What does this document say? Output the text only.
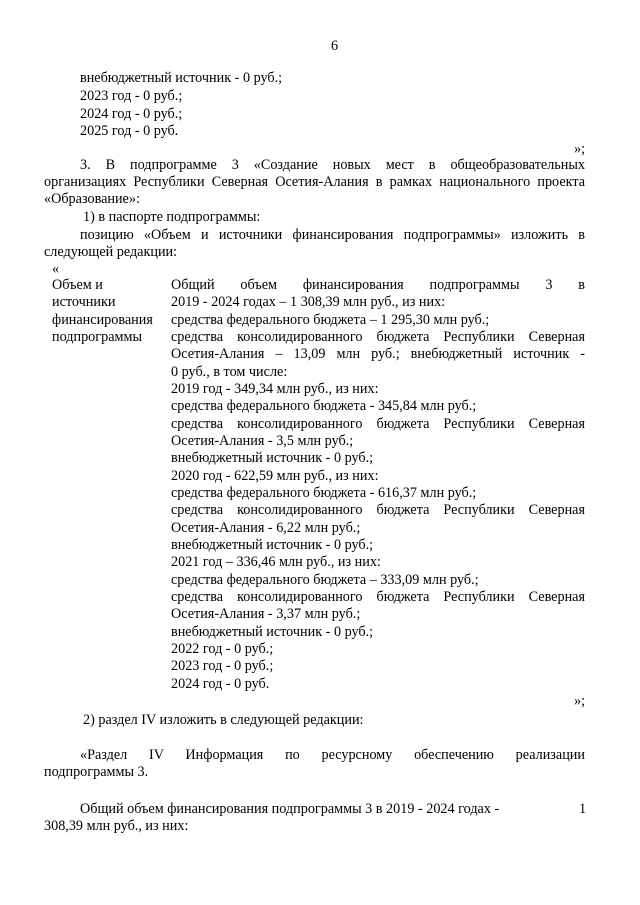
6
внебюджетный источник - 0 руб.;
2023 год - 0 руб.;
2024 год - 0 руб.;
2025 год - 0 руб.
»;
3. В подпрограмме 3 «Создание новых мест в общеобразовательных
организациях Республики Северная Осетия-Алания в рамках национального проекта
«Образование»:
1) в паспорте подпрограммы:
позицию «Объем и источники финансирования подпрограммы» изложить в
следующей редакции:
«
Объем и
источники
финансирования
подпрограммы
Общий объем финансирования подпрограммы 3 в
2019 - 2024 годах – 1 308,39 млн руб., из них:
средства федерального бюджета – 1 295,30 млн руб.;
средства консолидированного бюджета Республики Северная
Осетия-Алания – 13,09 млн руб.; внебюджетный источник -
0 руб., в том числе:
2019 год - 349,34 млн руб., из них:
средства федерального бюджета - 345,84 млн руб.;
средства консолидированного бюджета Республики Северная
Осетия-Алания - 3,5 млн руб.;
внебюджетный источник - 0 руб.;
2020 год - 622,59 млн руб., из них:
средства федерального бюджета - 616,37 млн руб.;
средства консолидированного бюджета Республики Северная
Осетия-Алания - 6,22 млн руб.;
внебюджетный источник - 0 руб.;
2021 год – 336,46 млн руб., из них:
средства федерального бюджета – 333,09 млн руб.;
средства консолидированного бюджета Республики Северная
Осетия-Алания - 3,37 млн руб.;
внебюджетный источник - 0 руб.;
2022 год - 0 руб.;
2023 год - 0 руб.;
2024 год - 0 руб.
»;
2) раздел IV изложить в следующей редакции:
«Раздел IV Информация по ресурсному обеспечению реализации
подпрограммы 3.
Общий объем финансирования подпрограммы 3 в 2019 - 2024 годах -	1
308,39 млн руб., из них:
